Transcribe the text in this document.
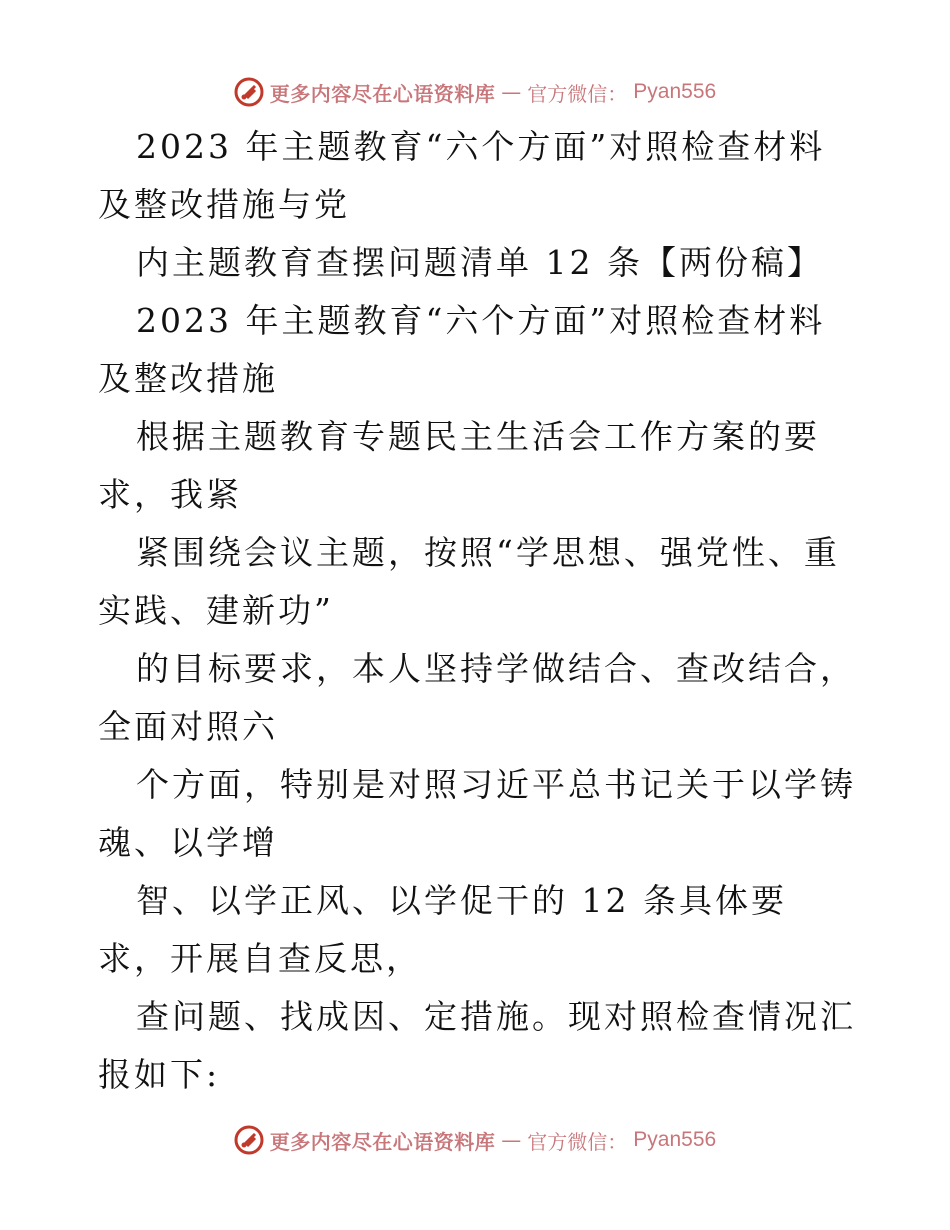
更多内容尽在心语资料库 — 官方微信： Pyan556

2023 年主题教育“六个方面”对照检查材料及整改措施与党

内主题教育查摆问题清单 12 条【两份稿】

2023 年主题教育“六个方面”对照检查材料及整改措施

根据主题教育专题民主生活会工作方案的要求，我紧

紧围绕会议主题，按照“学思想、强党性、重实践、建新功”

的目标要求，本人坚持学做结合、查改结合，全面对照六

个方面，特别是对照习近平总书记关于以学铸魂、以学增

智、以学正风、以学促干的 12 条具体要求，开展自查反思，

查问题、找成因、定措施。现对照检查情况汇报如下:

更多内容尽在心语资料库 — 官方微信： Pyan556
